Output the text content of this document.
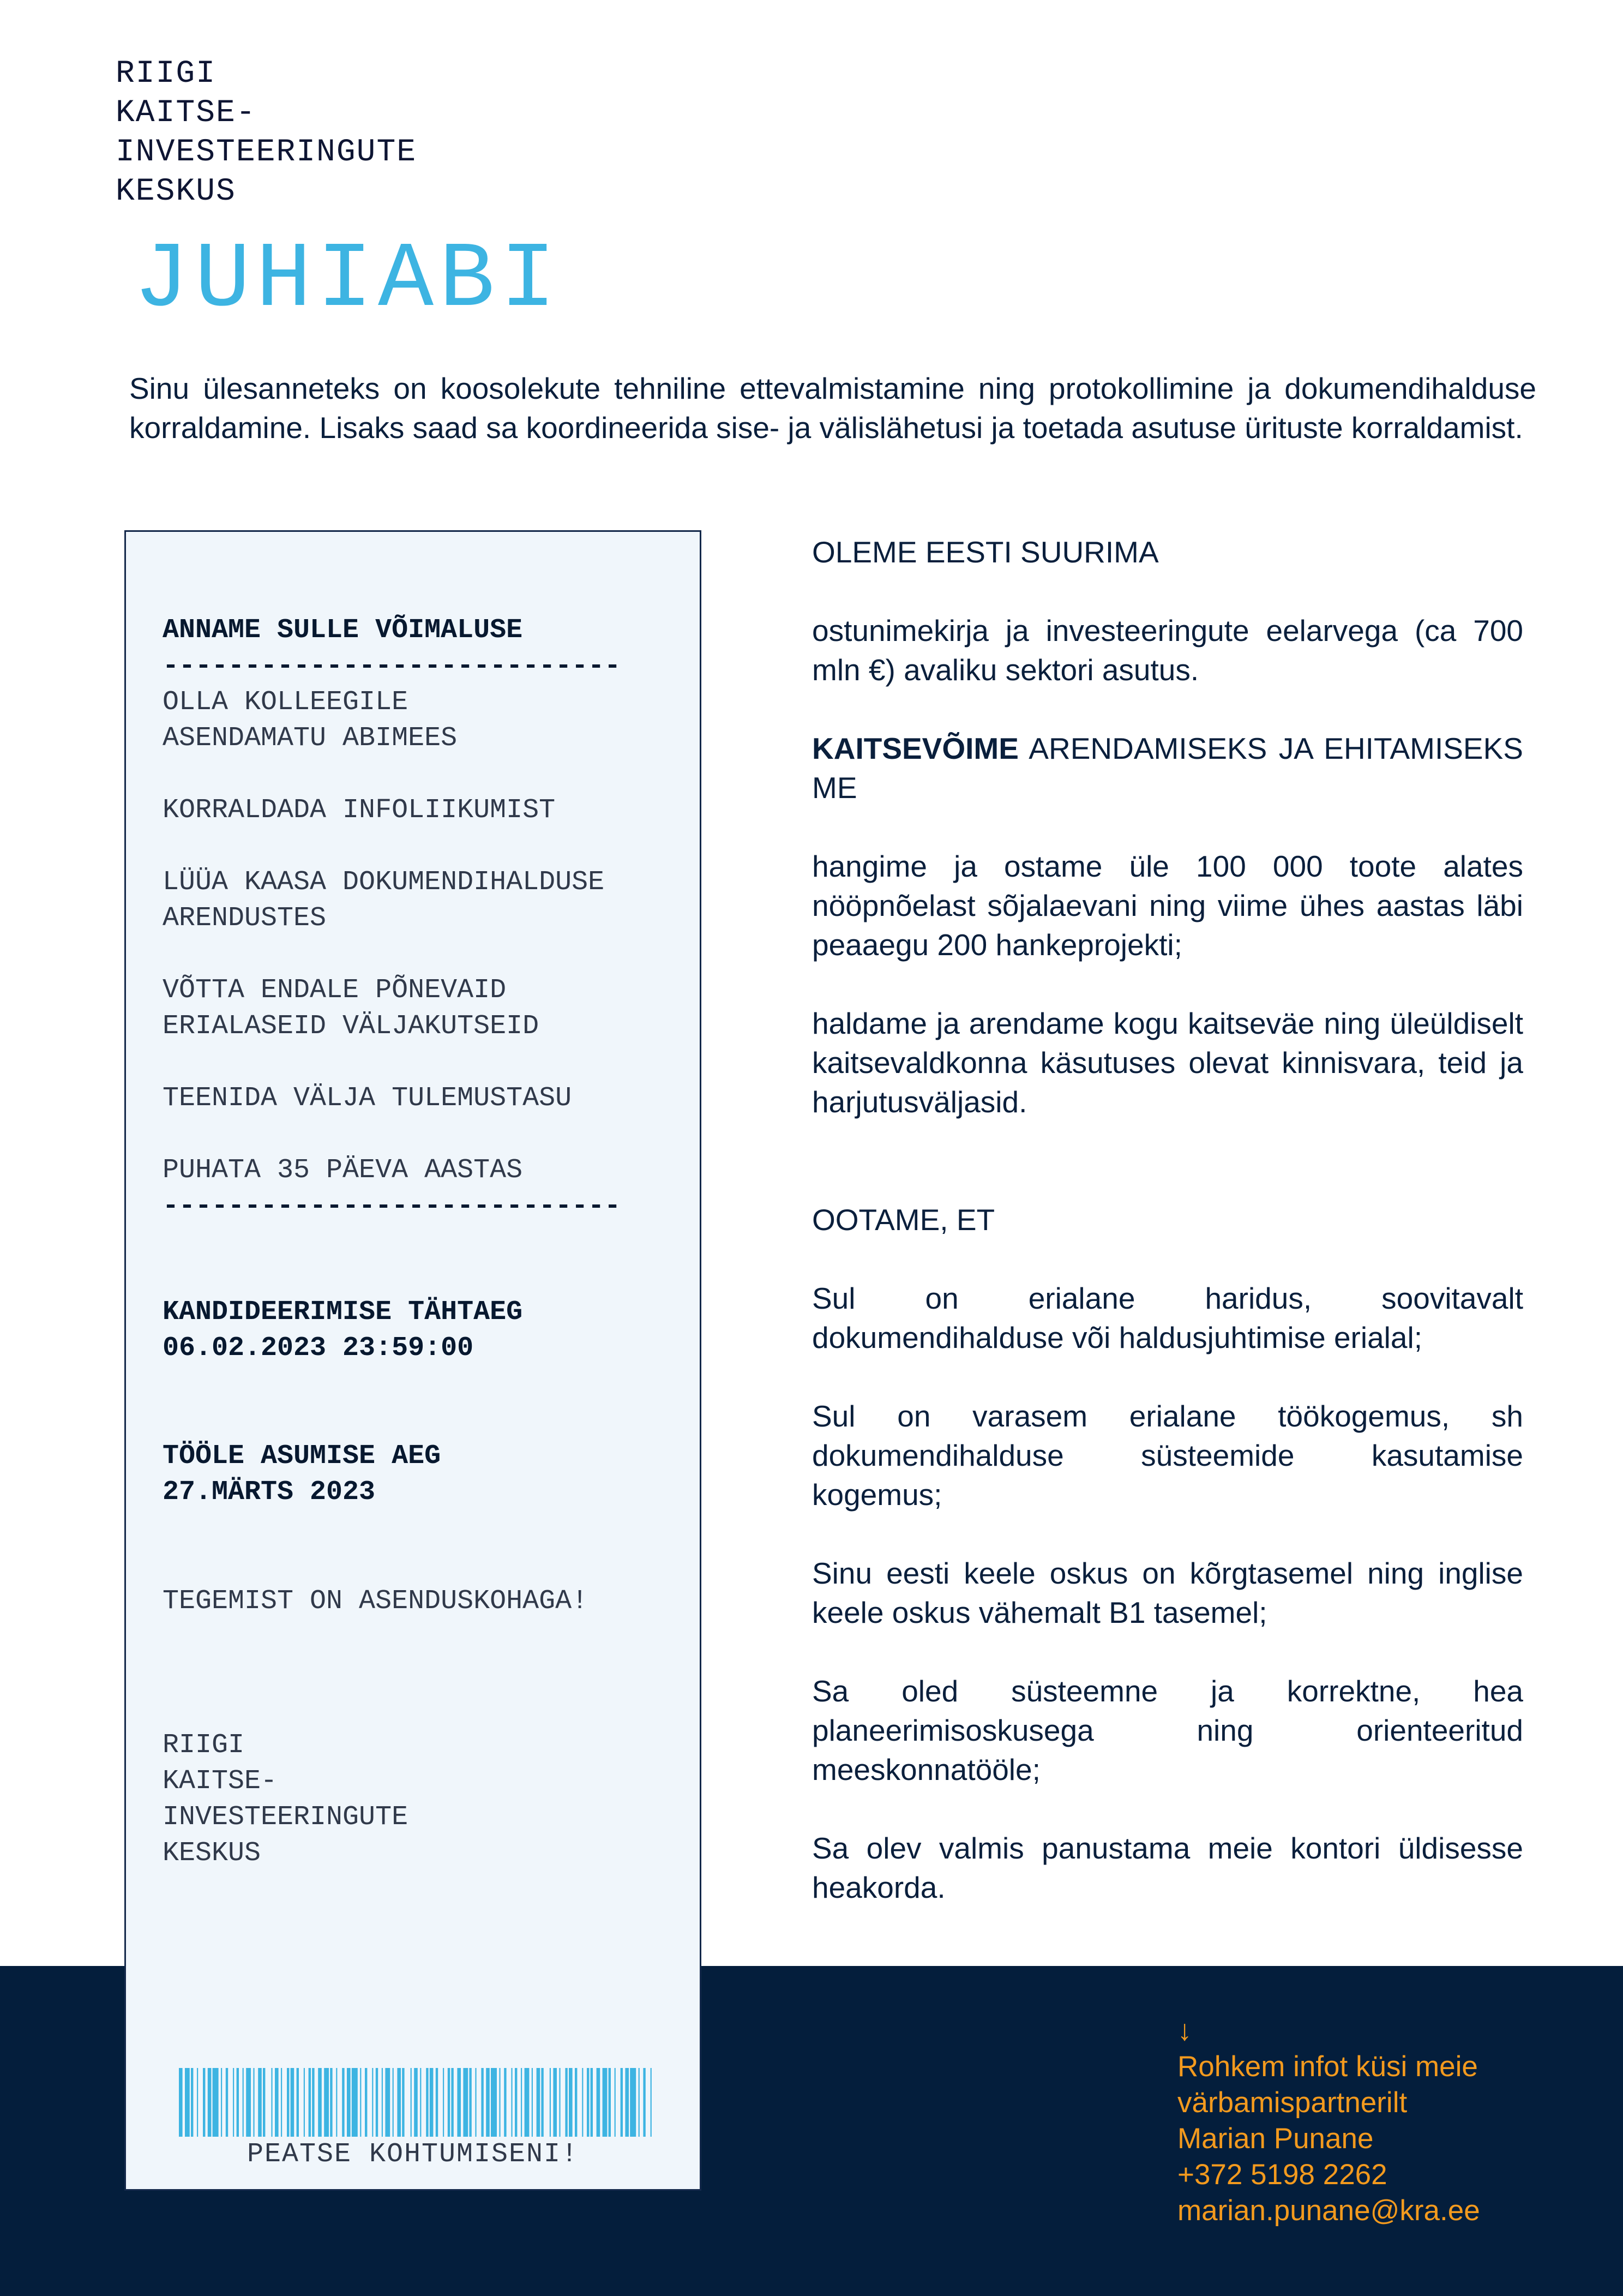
RIIGI
KAITSE-
INVESTEERINGUTE
KESKUS
JUHIABI

Sinu ülesanneteks on koosolekute tehniline ettevalmistamine ning protokollimine ja dokumendihalduse korraldamine. Lisaks saad sa koordineerida sise- ja välislähetusi ja toetada asutuse ürituste korraldamist.

ANNAME SULLE VÕIMALUSE
----------------------------
OLLA KOLLEEGILE
ASENDAMATU ABIMEES
KORRALDADA INFOLIIKUMIST
LÜÜA KAASA DOKUMENDIHALDUSE
ARENDUSTES
VÕTTA ENDALE PÕNEVAID
ERIALASEID VÄLJAKUTSEID
TEENIDA VÄLJA TULEMUSTASU
PUHATA 35 PÄEVA AASTAS
----------------------------
KANDIDEERIMISE TÄHTAEG
06.02.2023 23:59:00
TÖÖLE ASUMISE AEG
27.MÄRTS 2023
TEGEMIST ON ASENDUSKOHAGA!
RIIGI
KAITSE-
INVESTEERINGUTE
KESKUS
PEATSE KOHTUMISENI!

OLEME EESTI SUURIMA

ostunimekirja ja investeeringute eelarvega (ca 700 mln €) avaliku sektori asutus.

KAITSEVÕIME ARENDAMISEKS JA EHITAMISEKS ME

hangime ja ostame üle 100 000 toote alates nööpnõelast sõjalaevani ning viime ühes aastas läbi peaaegu 200 hankeprojekti;

haldame ja arendame kogu kaitseväe ning üleüldiselt kaitsevaldkonna käsutuses olevat kinnisvara, teid ja harjutusväljasid.

OOTAME, ET

Sul on erialane haridus, soovitavalt dokumendihalduse või haldusjuhtimise erialal;

Sul on varasem erialane töökogemus, sh dokumendihalduse süsteemide kasutamise kogemus;

Sinu eesti keele oskus on kõrgtasemel ning inglise keele oskus vähemalt B1 tasemel;

Sa oled süsteemne ja korrektne, hea planeerimisoskusega ning orienteeritud meeskonnatööle;

Sa olev valmis panustama meie kontori üldisesse heakorda.

↓
Rohkem infot küsi meie
värbamispartnerilt
Marian Punane
+372 5198 2262
marian.punane@kra.ee
